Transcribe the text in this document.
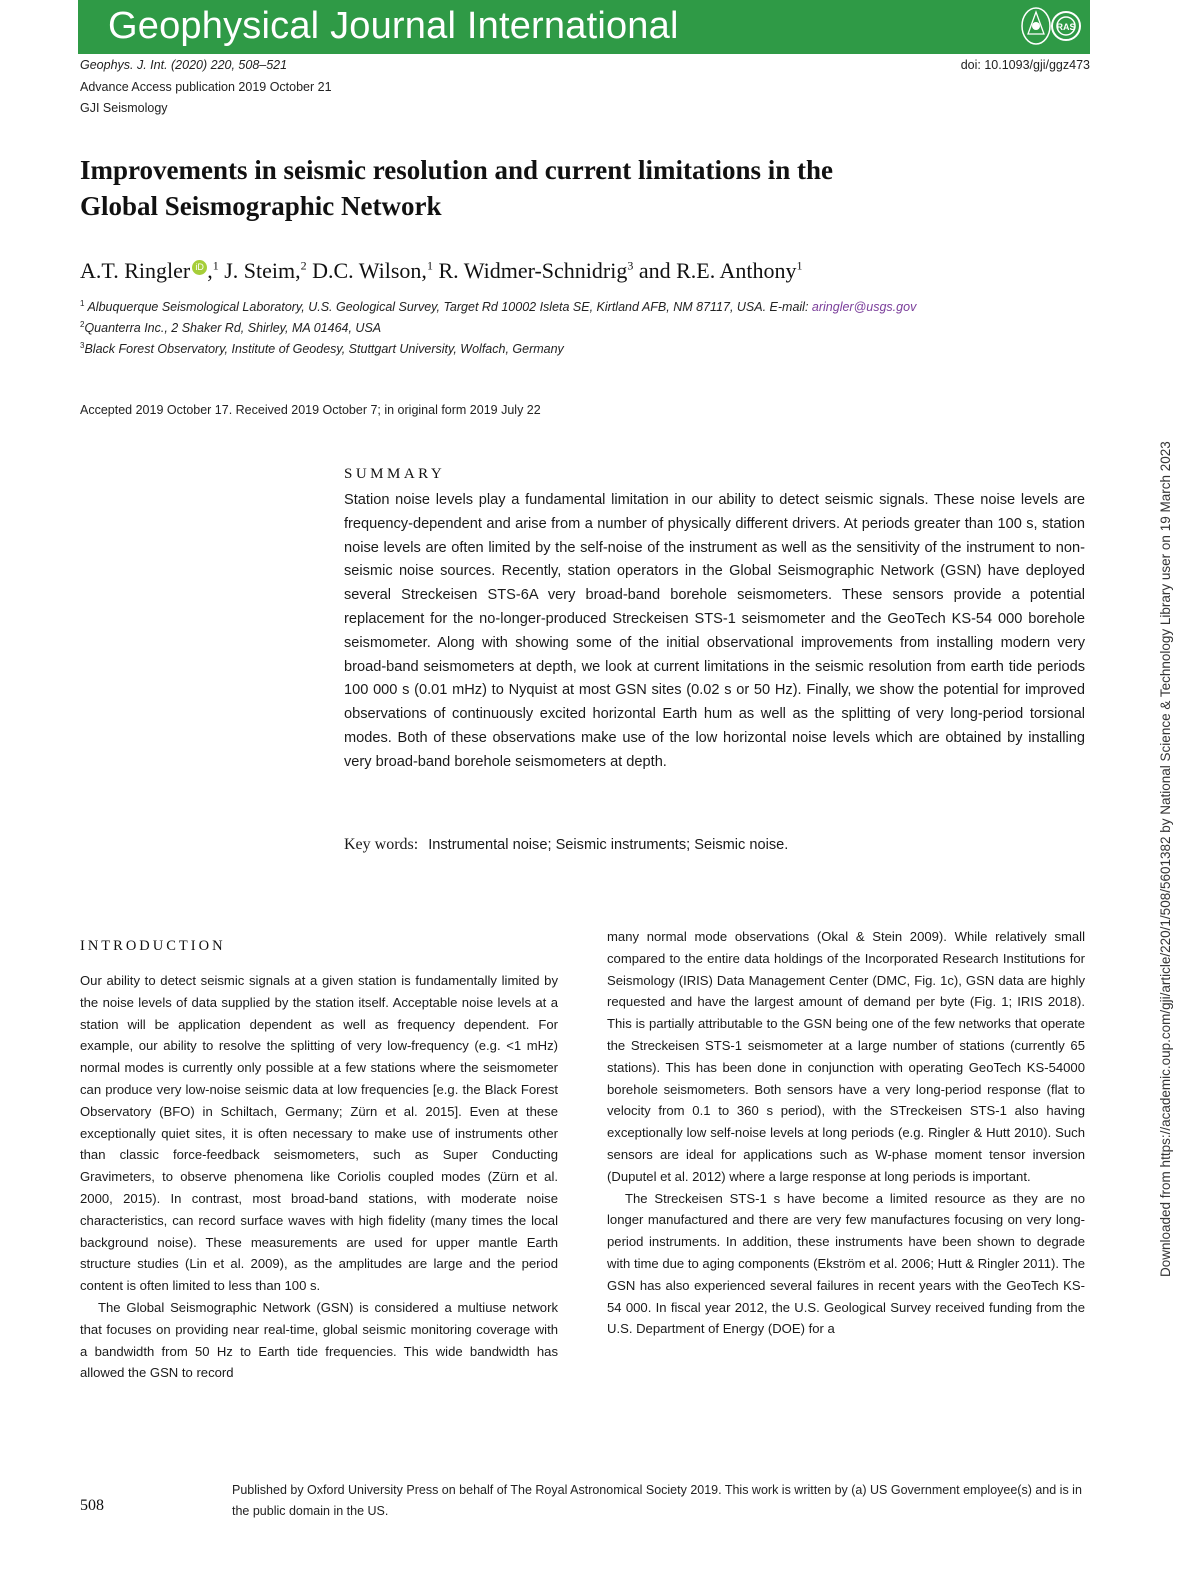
Geophysical Journal International	RAS
Geophys. J. Int. (2020) 220, 508–521	doi: 10.1093/gji/ggz473
Advance Access publication 2019 October 21
GJI Seismology
Improvements in seismic resolution and current limitations in the
Global Seismographic Network
A.T. Ringler iD ,$^1$ J. Steim,$^2$ D.C. Wilson,$^1$ R. Widmer-Schnidrig$^3$ and R.E. Anthony$^1$
$^1$ Albuquerque Seismological Laboratory, U.S. Geological Survey, Target Rd 10002 Isleta SE, Kirtland AFB, NM 87117, USA. E-mail: aringler@usgs.gov
$^2$Quanterra Inc., 2 Shaker Rd, Shirley, MA 01464, USA
$^3$Black Forest Observatory, Institute of Geodesy, Stuttgart University, Wolfach, Germany
Accepted 2019 October 17. Received 2019 October 7; in original form 2019 July 22
SUMMARY
Station noise levels play a fundamental limitation in our ability to detect seismic signals. These noise levels are frequency-dependent and arise from a number of physically different drivers. At periods greater than 100 s, station noise levels are often limited by the self-noise of the instrument as well as the sensitivity of the instrument to non-seismic noise sources. Recently, station operators in the Global Seismographic Network (GSN) have deployed several Streckeisen STS-6A very broad-band borehole seismometers. These sensors provide a potential replacement for the no-longer-produced Streckeisen STS-1 seismometer and the GeoTech KS-54 000 borehole seismometer. Along with showing some of the initial observational improvements from installing modern very broad-band seismometers at depth, we look at current limitations in the seismic resolution from earth tide periods 100 000 s (0.01 mHz) to Nyquist at most GSN sites (0.02 s or 50 Hz). Finally, we show the potential for improved observations of continuously excited horizontal Earth hum as well as the splitting of very long-period torsional modes. Both of these observations make use of the low horizontal noise levels which are obtained by installing very broad-band borehole seismometers at depth.
Key words: Instrumental noise; Seismic instruments; Seismic noise.
INTRODUCTION

Our ability to detect seismic signals at a given station is fundamentally limited by the noise levels of data supplied by the station itself. Acceptable noise levels at a station will be application dependent as well as frequency dependent. For example, our ability to resolve the splitting of very low-frequency (e.g. <1 mHz) normal modes is currently only possible at a few stations where the seismometer can produce very low-noise seismic data at low frequencies [e.g. the Black Forest Observatory (BFO) in Schiltach, Germany; Zürn et al. 2015]. Even at these exceptionally quiet sites, it is often necessary to make use of instruments other than classic force-feedback seismometers, such as Super Conducting Gravimeters, to observe phenomena like Coriolis coupled modes (Zürn et al. 2000, 2015). In contrast, most broad-band stations, with moderate noise characteristics, can record surface waves with high fidelity (many times the local background noise). These measurements are used for upper mantle Earth structure studies (Lin et al. 2009), as the amplitudes are large and the period content is often limited to less than 100 s.

The Global Seismographic Network (GSN) is considered a multiuse network that focuses on providing near real-time, global seismic monitoring coverage with a bandwidth from 50 Hz to Earth tide frequencies. This wide bandwidth has allowed the GSN to record

many normal mode observations (Okal & Stein 2009). While relatively small compared to the entire data holdings of the Incorporated Research Institutions for Seismology (IRIS) Data Management Center (DMC, Fig. 1c), GSN data are highly requested and have the largest amount of demand per byte (Fig. 1; IRIS 2018). This is partially attributable to the GSN being one of the few networks that operate the Streckeisen STS-1 seismometer at a large number of stations (currently 65 stations). This has been done in conjunction with operating GeoTech KS-54000 borehole seismometers. Both sensors have a very long-period response (flat to velocity from 0.1 to 360 s period), with the STreckeisen STS-1 also having exceptionally low self-noise levels at long periods (e.g. Ringler & Hutt 2010). Such sensors are ideal for applications such as W-phase moment tensor inversion (Duputel et al. 2012) where a large response at long periods is important.

The Streckeisen STS-1 s have become a limited resource as they are no longer manufactured and there are very few manufactures focusing on very long-period instruments. In addition, these instruments have been shown to degrade with time due to aging components (Ekström et al. 2006; Hutt & Ringler 2011). The GSN has also experienced several failures in recent years with the GeoTech KS-54 000. In fiscal year 2012, the U.S. Geological Survey received funding from the U.S. Department of Energy (DOE) for a

508
Published by Oxford University Press on behalf of The Royal Astronomical Society 2019. This work is written by (a) US Government employee(s) and is in the public domain in the US.
Downloaded from https://academic.oup.com/gji/article/220/1/508/5601382 by National Science & Technology Library user on 19 March 2023
